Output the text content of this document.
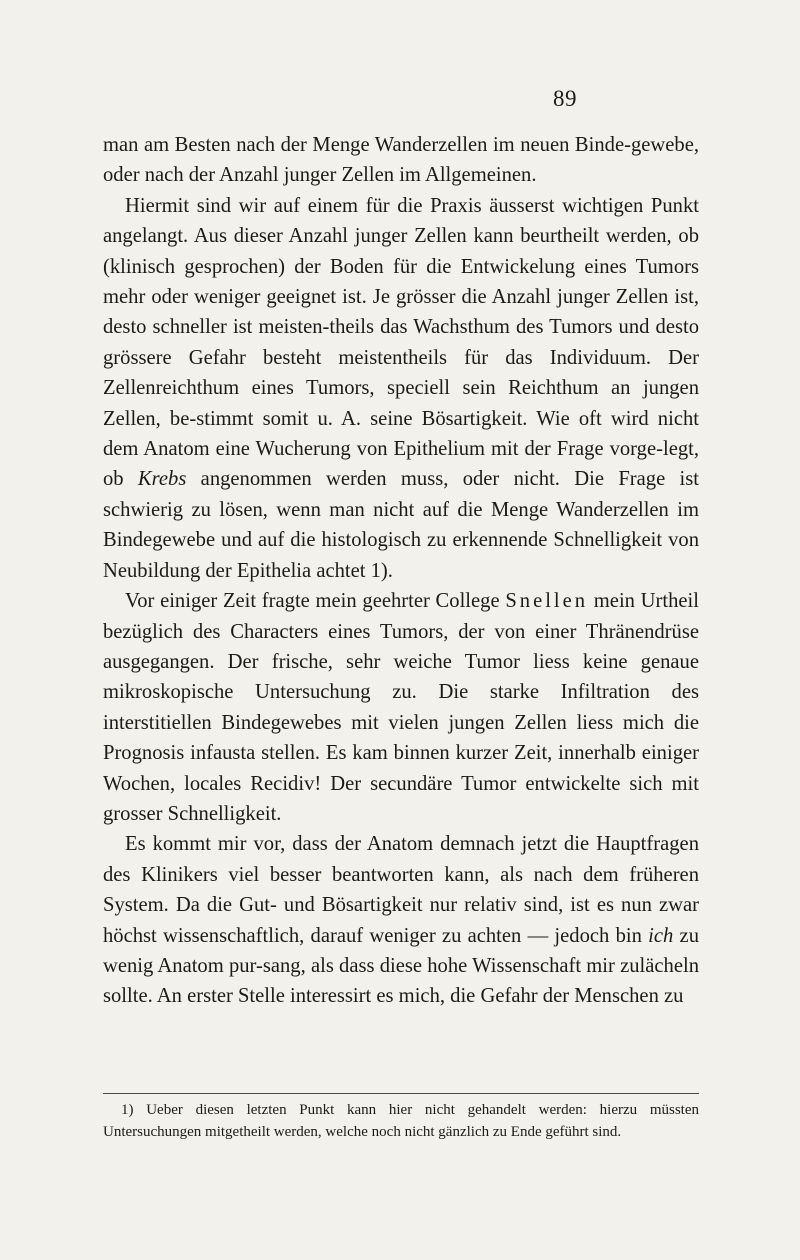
89

man am Besten nach der Menge Wanderzellen im neuen Binde-gewebe, oder nach der Anzahl junger Zellen im Allgemeinen.

Hiermit sind wir auf einem für die Praxis äusserst wichtigen Punkt angelangt. Aus dieser Anzahl junger Zellen kann beurtheilt werden, ob (klinisch gesprochen) der Boden für die Entwickelung eines Tumors mehr oder weniger geeignet ist. Je grösser die Anzahl junger Zellen ist, desto schneller ist meisten-theils das Wachsthum des Tumors und desto grössere Gefahr besteht meistentheils für das Individuum. Der Zellenreichthum eines Tumors, speciell sein Reichthum an jungen Zellen, be-stimmt somit u. A. seine Bösartigkeit. Wie oft wird nicht dem Anatom eine Wucherung von Epithelium mit der Frage vorge-legt, ob Krebs angenommen werden muss, oder nicht. Die Frage ist schwierig zu lösen, wenn man nicht auf die Menge Wanderzellen im Bindegewebe und auf die histologisch zu erkennende Schnelligkeit von Neubildung der Epithelia achtet 1).

Vor einiger Zeit fragte mein geehrter College Snellen mein Urtheil bezüglich des Characters eines Tumors, der von einer Thränendrüse ausgegangen. Der frische, sehr weiche Tumor liess keine genaue mikroskopische Untersuchung zu. Die starke Infiltration des interstitiellen Bindegewebes mit vielen jungen Zellen liess mich die Prognosis infausta stellen. Es kam binnen kurzer Zeit, innerhalb einiger Wochen, locales Recidiv! Der secundäre Tumor entwickelte sich mit grosser Schnelligkeit.

Es kommt mir vor, dass der Anatom demnach jetzt die Hauptfragen des Klinikers viel besser beantworten kann, als nach dem früheren System. Da die Gut- und Bösartigkeit nur relativ sind, ist es nun zwar höchst wissenschaftlich, darauf weniger zu achten — jedoch bin ich zu wenig Anatom pur-sang, als dass diese hohe Wissenschaft mir zulächeln sollte. An erster Stelle interessirt es mich, die Gefahr der Menschen zu

1) Ueber diesen letzten Punkt kann hier nicht gehandelt werden: hierzu müssten Untersuchungen mitgetheilt werden, welche noch nicht gänzlich zu Ende geführt sind.
